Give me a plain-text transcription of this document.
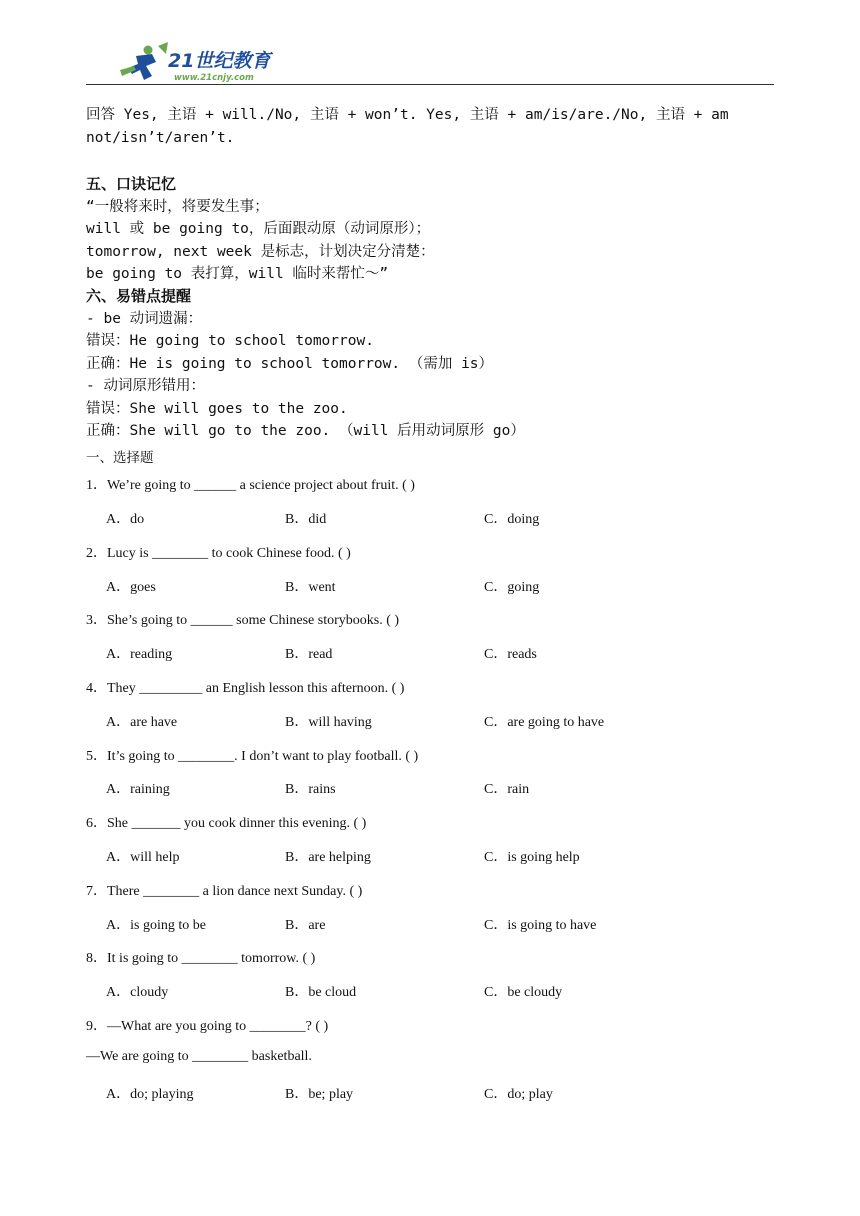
21世纪教育
www.21cnjy.com
回答 Yes, 主语 + will./No, 主语 + won’t. Yes, 主语 + am/is/are./No, 主语 + am
not/isn’t/aren’t.
五、口诀记忆
“一般将来时，将要发生事；
will 或 be going to，后面跟动原（动词原形）；
tomorrow, next week 是标志，计划决定分清楚：
be going to 表打算，will 临时来帮忙～”
六、易错点提醒
- be 动词遗漏：
错误：He going to school tomorrow.
正确：He is going to school tomorrow. （需加 is）
- 动词原形错用：
错误：She will goes to the zoo.
正确：She will go to the zoo. （will 后用动词原形 go）
一、选择题
1．We’re going to ______ a science project about fruit. ( )
A．do	B．did	C．doing
2．Lucy is ________ to cook Chinese food. ( )
A．goes	B．went	C．going
3．She’s going to ______ some Chinese storybooks. ( )
A．reading	B．read	C．reads
4．They _________ an English lesson this afternoon. ( )
A．are have	B．will having	C．are going to have
5．It’s going to ________. I don’t want to play football. ( )
A．raining	B．rains	C．rain
6．She _______ you cook dinner this evening. ( )
A．will help	B．are helping	C．is going help
7．There ________ a lion dance next Sunday. ( )
A．is going to be	B．are	C．is going to have
8．It is going to ________ tomorrow. ( )
A．cloudy	B．be cloud	C．be cloudy
9．—What are you going to ________? ( )
—We are going to ________ basketball.
A．do; playing	B．be; play	C．do; play
